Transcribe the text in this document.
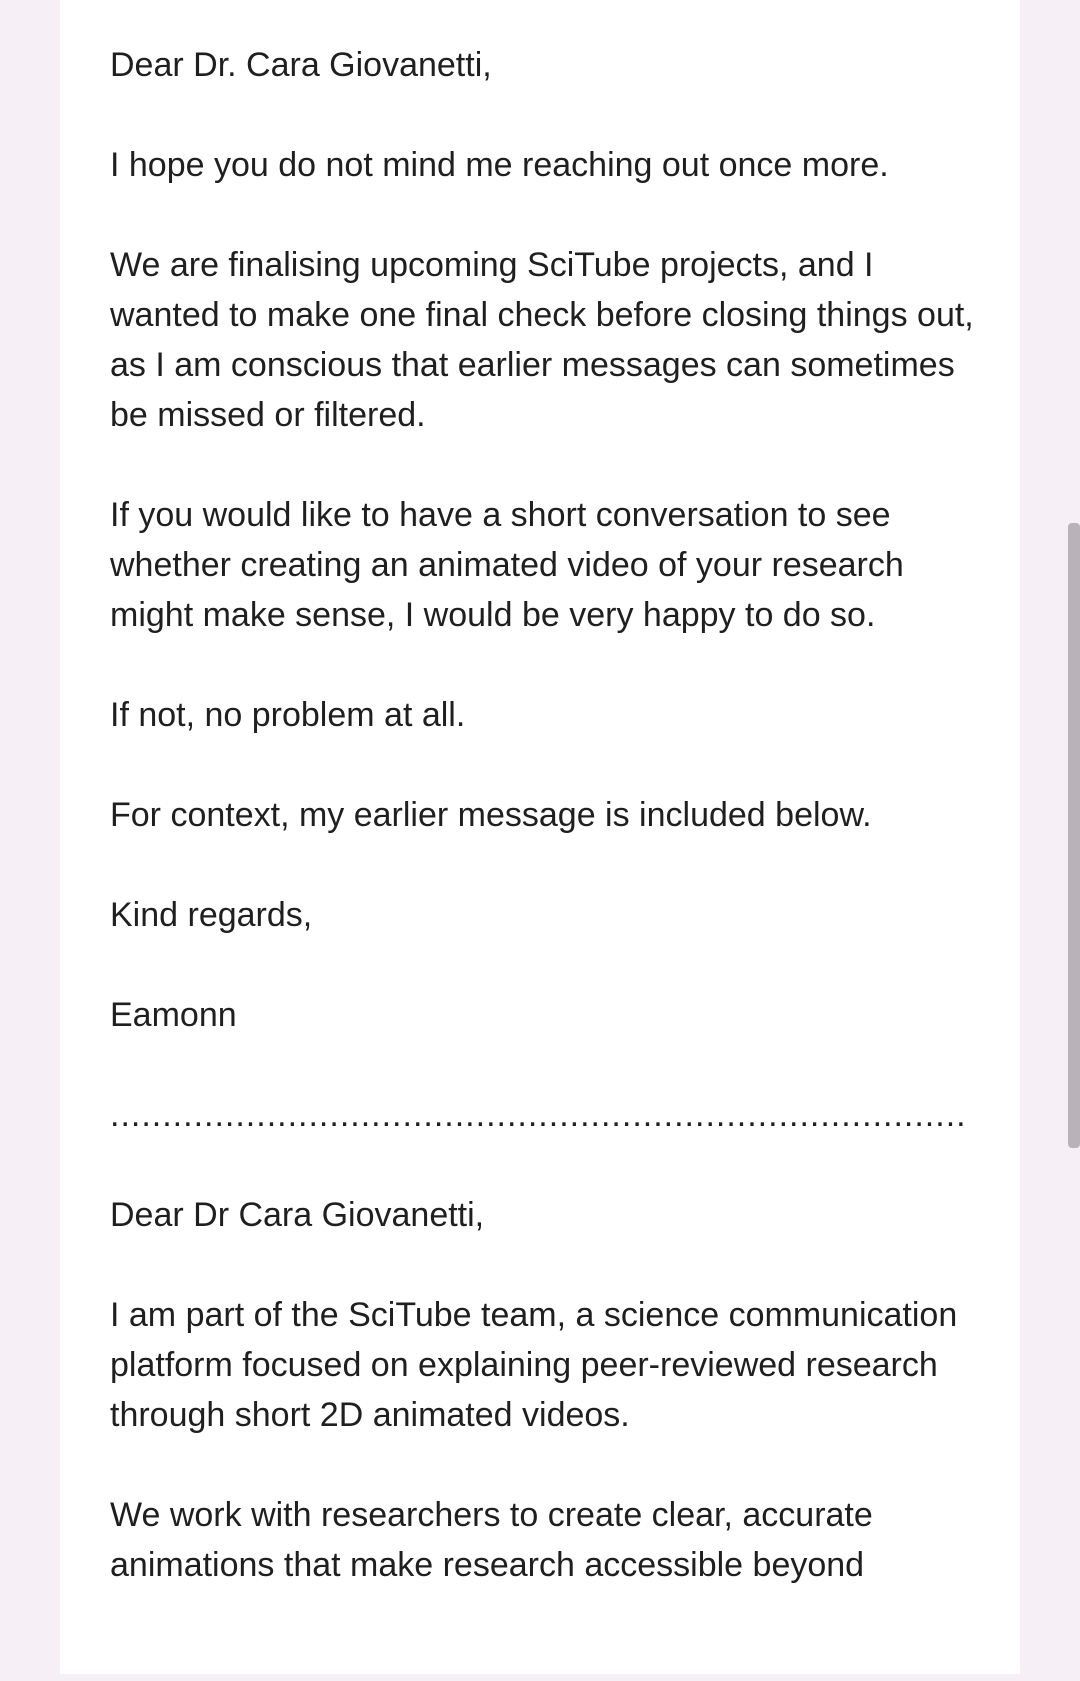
Dear Dr. Cara Giovanetti,

I hope you do not mind me reaching out once more.

We are finalising upcoming SciTube projects, and I wanted to make one final check before closing things out, as I am conscious that earlier messages can sometimes be missed or filtered.

If you would like to have a short conversation to see whether creating an animated video of your research might make sense, I would be very happy to do so.

If not, no problem at all.

For context, my earlier message is included below.

Kind regards,

Eamonn

..................................................................................

Dear Dr Cara Giovanetti,

I am part of the SciTube team, a science communication platform focused on explaining peer-reviewed research through short 2D animated videos.

We work with researchers to create clear, accurate animations that make research accessible beyond
